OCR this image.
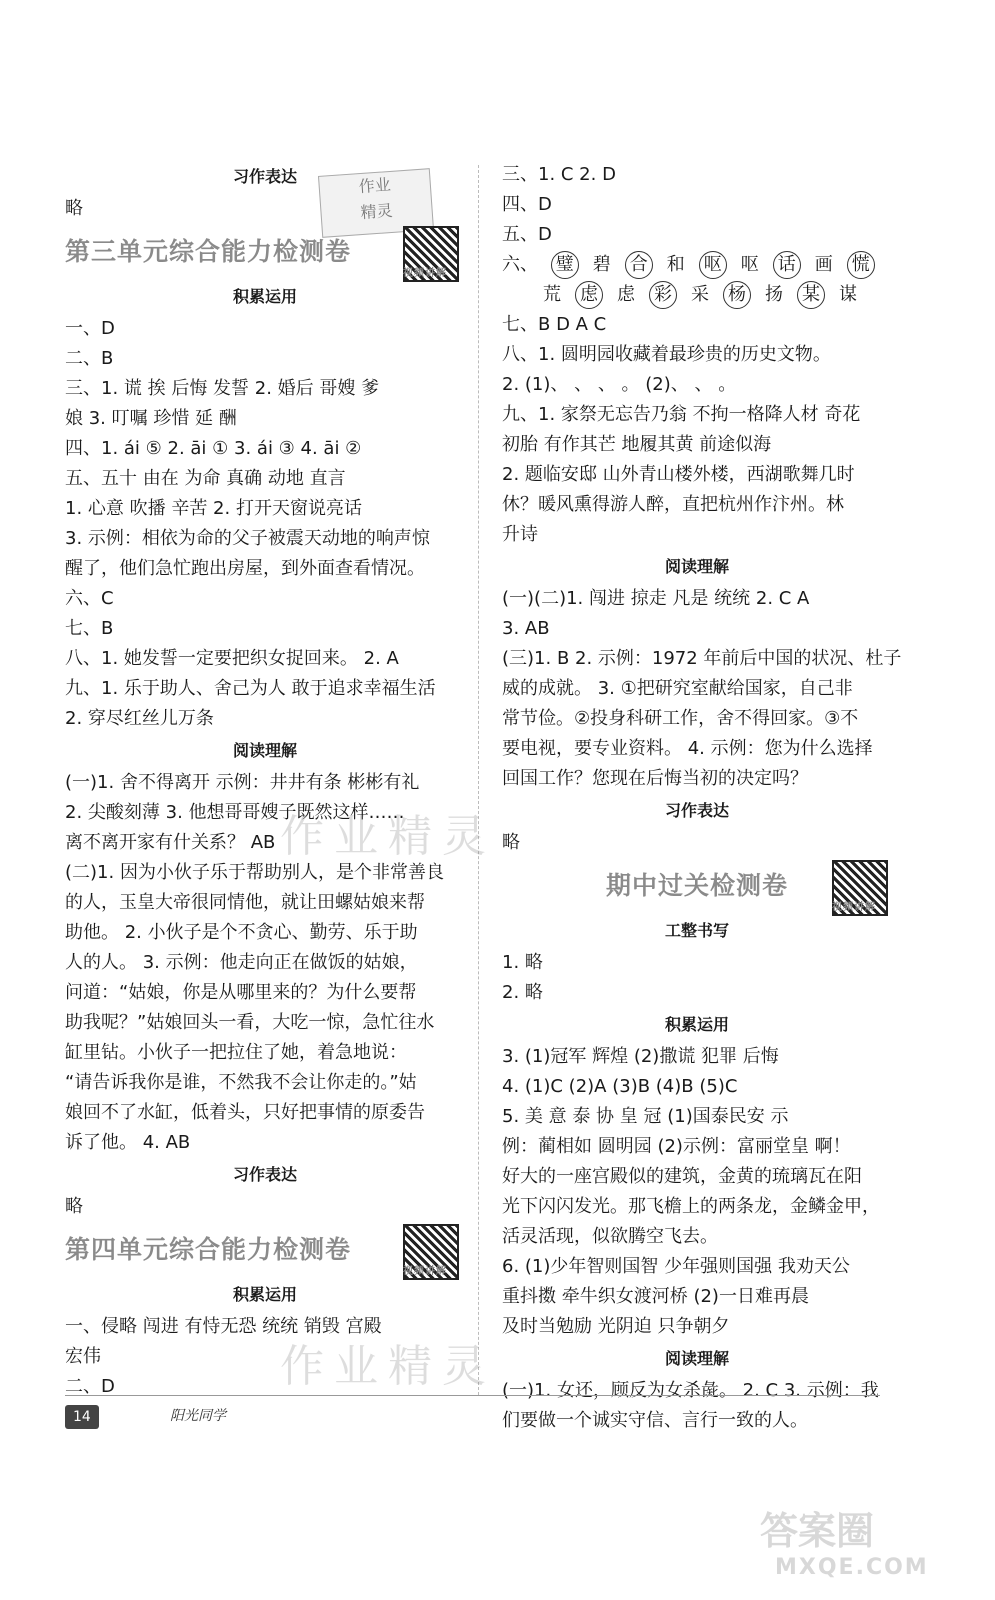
作业
精灵
习作表达
略
第三单元综合能力检测卷
视频讲解
积累运用
一、D
二、B
三、1. 谎 挨 后悔 发誓 2. 婚后 哥嫂 爹
娘 3. 叮嘱 珍惜 延 酬
四、1. ái ⑤ 2. āi ① 3. ái ③ 4. āi ②
五、五十 由在 为命 真确 动地 直言
1. 心意 吹播 辛苦 2. 打开天窗说亮话
3. 示例：相依为命的父子被震天动地的响声惊
醒了，他们急忙跑出房屋，到外面查看情况。
六、C
七、B
八、1. 她发誓一定要把织女捉回来。 2. A
九、1. 乐于助人、舍己为人 敢于追求幸福生活
2. 穿尽红丝儿万条
阅读理解
(一)1. 舍不得离开 示例：井井有条 彬彬有礼
2. 尖酸刻薄 3. 他想哥哥嫂子既然这样……
离不离开家有什关系？ AB
(二)1. 因为小伙子乐于帮助别人，是个非常善良
的人，玉皇大帝很同情他，就让田螺姑娘来帮
助他。 2. 小伙子是个不贪心、勤劳、乐于助
人的人。 3. 示例：他走向正在做饭的姑娘，
问道：“姑娘，你是从哪里来的？为什么要帮
助我呢？”姑娘回头一看，大吃一惊，急忙往水
缸里钻。小伙子一把拉住了她，着急地说：
“请告诉我你是谁，不然我不会让你走的。”姑
娘回不了水缸，低着头，只好把事情的原委告
诉了他。 4. AB
习作表达
略
第四单元综合能力检测卷
视频讲解
积累运用
一、侵略 闯进 有恃无恐 统统 销毁 宫殿
宏伟
二、D
三、1. C 2. D
四、D
五、D
六、 璧 碧 合 和 呕 呕 话 画 慌
荒 虑 虑 彩 采 杨 扬 某 谋
七、B D A C
八、1. 圆明园收藏着最珍贵的历史文物。
2. (1)、 、 、 。 (2)、 、 。
九、1. 家祭无忘告乃翁 不拘一格降人材 奇花
初胎 有作其芒 地履其黄 前途似海
2. 题临安邸 山外青山楼外楼，西湖歌舞几时
休？暖风熏得游人醉，直把杭州作汴州。林
升诗
阅读理解
(一)(二)1. 闯进 掠走 凡是 统统 2. C A
3. AB
(三)1. B 2. 示例：1972 年前后中国的状况、杜子
威的成就。 3. ①把研究室献给国家，自己非
常节俭。②投身科研工作，舍不得回家。③不
要电视，要专业资料。 4. 示例：您为什么选择
回国工作？您现在后悔当初的决定吗？
习作表达
略
期中过关检测卷
视频讲解
工整书写
1. 略
2. 略
积累运用
3. (1)冠军 辉煌 (2)撒谎 犯罪 后悔
4. (1)C (2)A (3)B (4)B (5)C
5. 美 意 泰 协 皇 冠 (1)国泰民安 示
例：蔺相如 圆明园 (2)示例：富丽堂皇 啊！
好大的一座宫殿似的建筑，金黄的琉璃瓦在阳
光下闪闪发光。那飞檐上的两条龙，金鳞金甲，
活灵活现，似欲腾空飞去。
6. (1)少年智则国智 少年强则国强 我劝天公
重抖擞 牵牛织女渡河桥 (2)一日难再晨
及时当勉励 光阴迫 只争朝夕
阅读理解
(一)1. 女还，顾反为女杀彘。 2. C 3. 示例：我
们要做一个诚实守信、言行一致的人。
作业精灵
作业精灵
14	阳光同学
答案圈
MXQE.COM
